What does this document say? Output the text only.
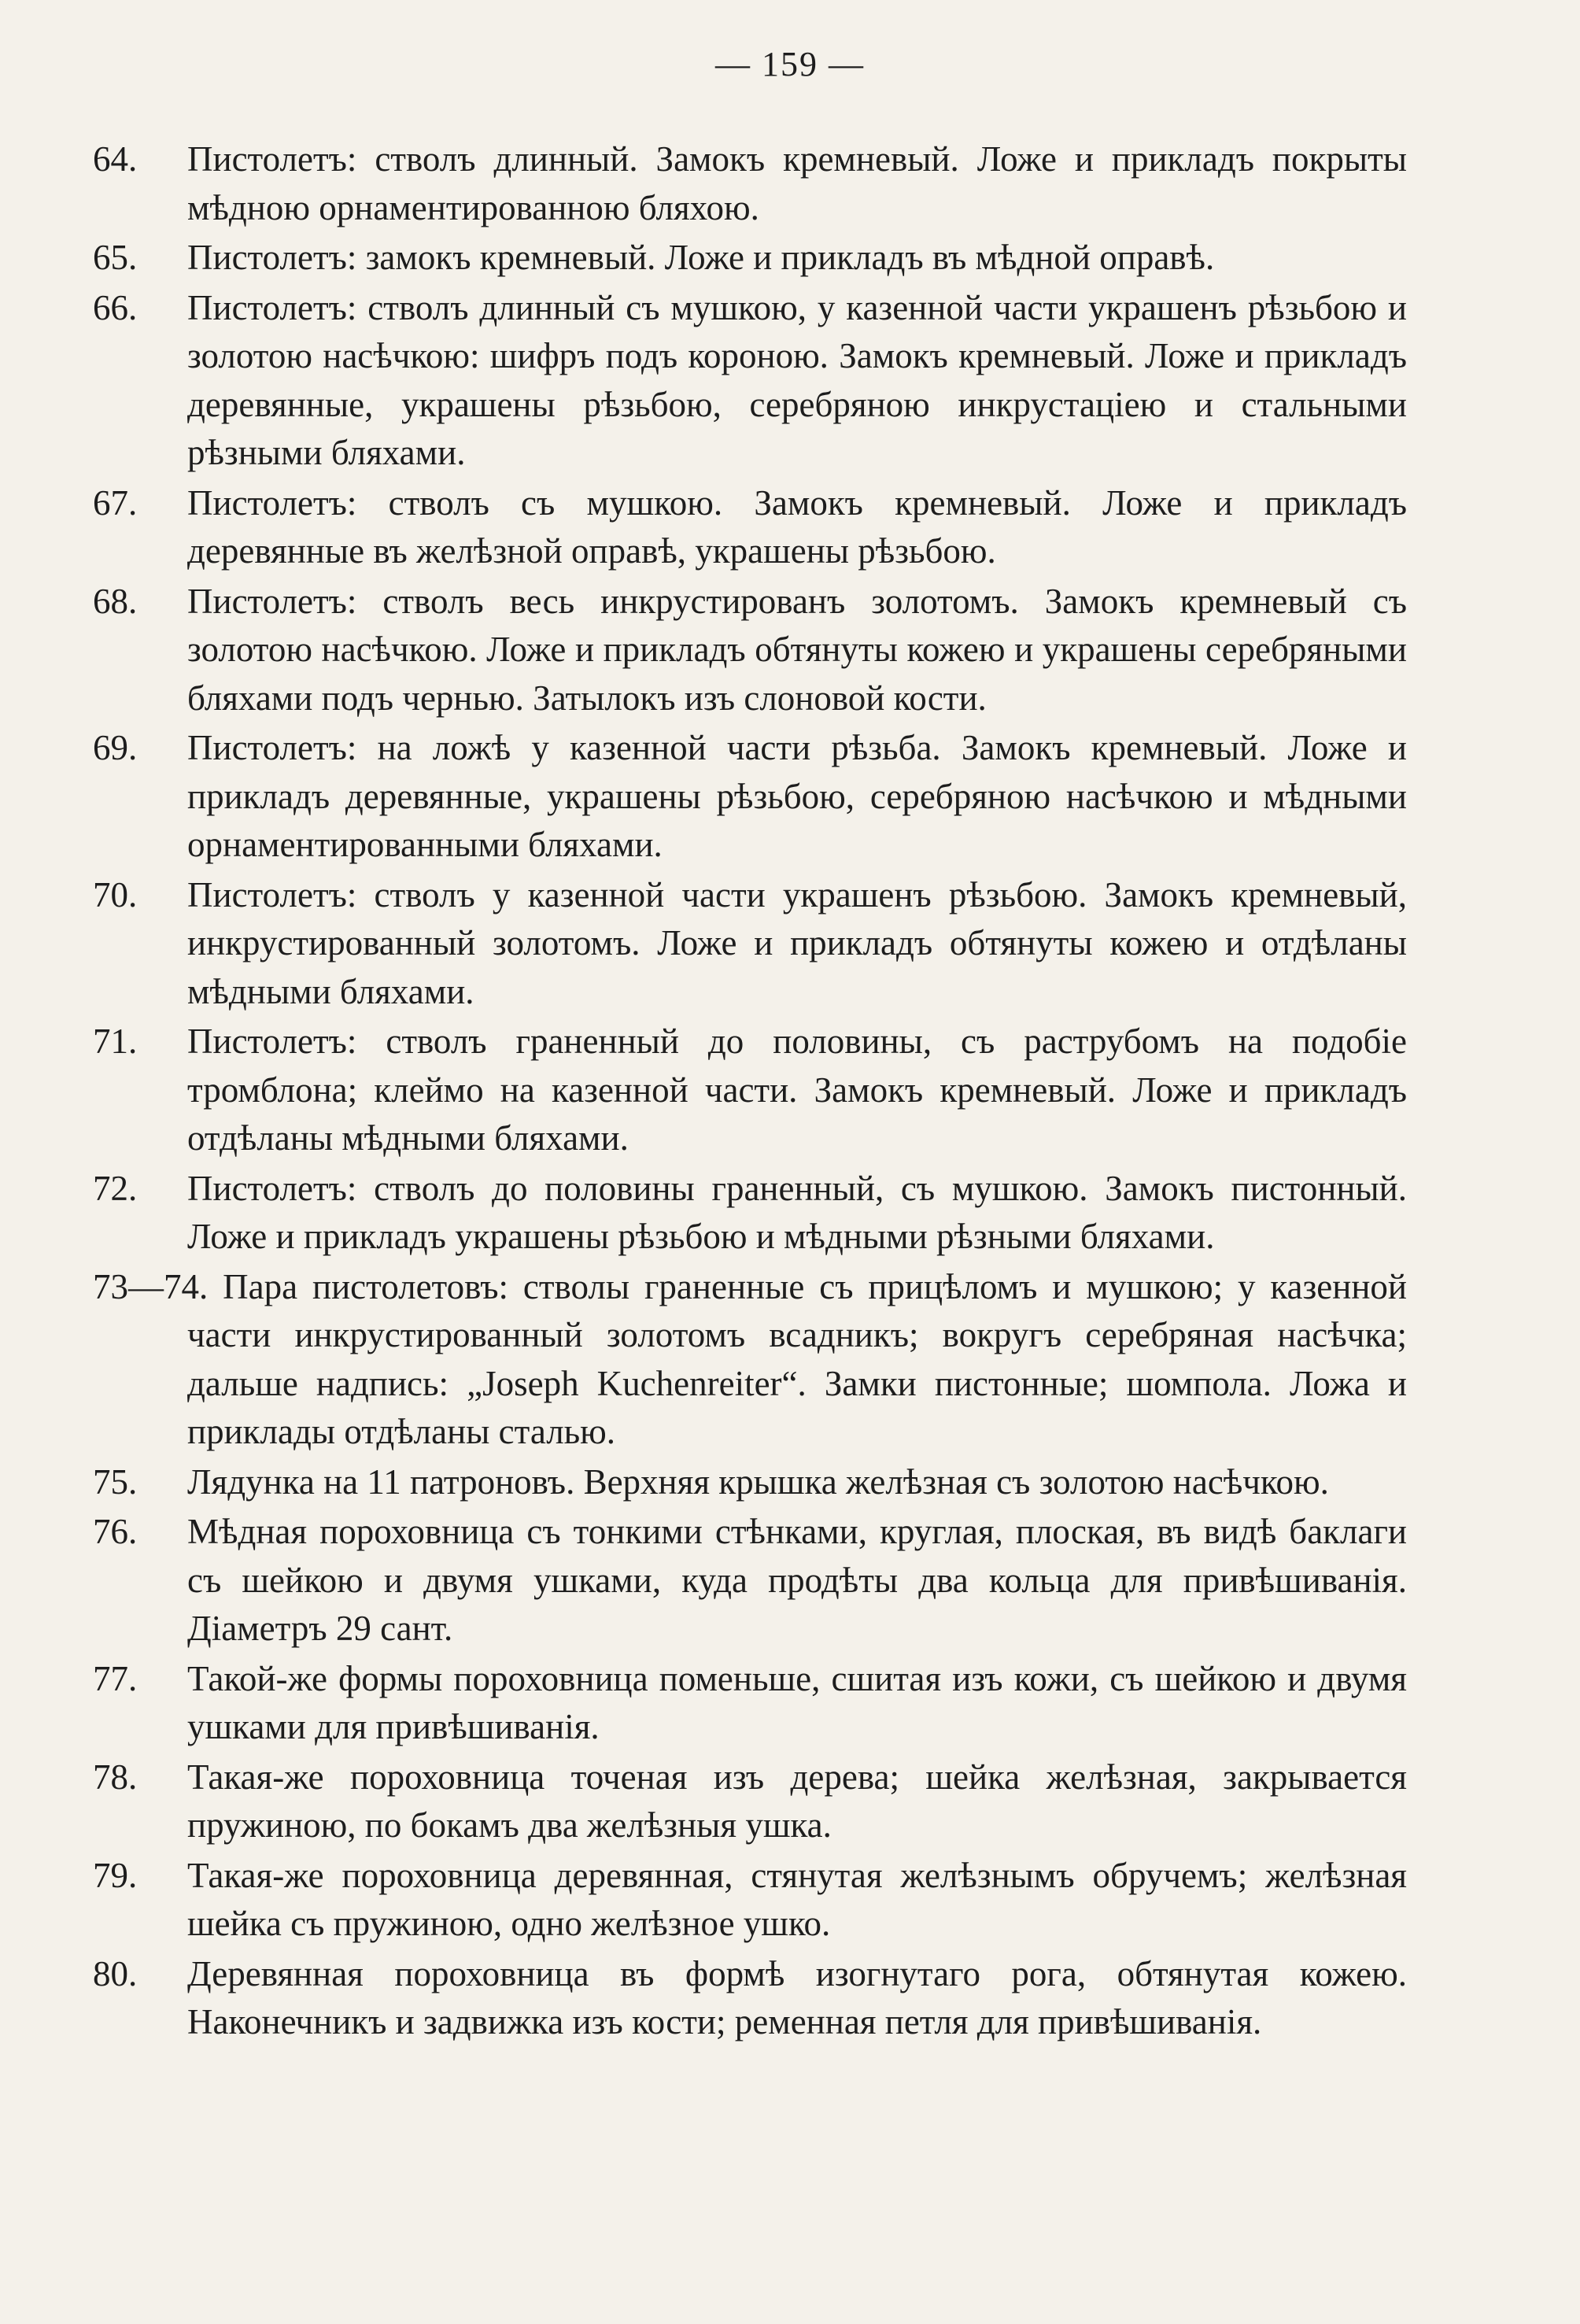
— 159 —
64. Пистолетъ: стволъ длинный. Замокъ кремневый. Ложе и прикладъ покрыты мѣдною орнаментированною бляхою.
65. Пистолетъ: замокъ кремневый. Ложе и прикладъ въ мѣдной оправѣ.
66. Пистолетъ: стволъ длинный съ мушкою, у казенной части украшенъ рѣзьбою и золотою насѣчкою: шифръ подъ короною. Замокъ кремневый. Ложе и прикладъ деревянные, украшены рѣзьбою, серебряною инкрустацiею и стальными рѣзными бляхами.
67. Пистолетъ: стволъ съ мушкою. Замокъ кремневый. Ложе и прикладъ деревянные въ желѣзной оправѣ, украшены рѣзьбою.
68. Пистолетъ: стволъ весь инкрустированъ золотомъ. Замокъ кремневый съ золотою насѣчкою. Ложе и прикладъ обтянуты кожею и украшены серебряными бляхами подъ чернью. Затылокъ изъ слоновой кости.
69. Пистолетъ: на ложѣ у казенной части рѣзьба. Замокъ кремневый. Ложе и прикладъ деревянные, украшены рѣзьбою, серебряною насѣчкою и мѣдными орнаментированными бляхами.
70. Пистолетъ: стволъ у казенной части украшенъ рѣзьбою. Замокъ кремневый, инкрустированный золотомъ. Ложе и прикладъ обтянуты кожею и отдѣланы мѣдными бляхами.
71. Пистолетъ: стволъ граненный до половины, съ раструбомъ на подобiе тромблона; клеймо на казенной части. Замокъ кремневый. Ложе и прикладъ отдѣланы мѣдными бляхами.
72. Пистолетъ: стволъ до половины граненный, съ мушкою. Замокъ пистонный. Ложе и прикладъ украшены рѣзьбою и мѣдными рѣзными бляхами.
73—74. Пара пистолетовъ: стволы граненные съ прицѣломъ и мушкою; у казенной части инкрустированный золотомъ всадникъ; вокругъ серебряная насѣчка; дальше надпись: „Joseph Kuchenreiter“. Замки пистонные; шомпола. Ложа и приклады отдѣланы сталью.
75. Лядунка на 11 патроновъ. Верхняя крышка желѣзная съ золотою насѣчкою.
76. Мѣдная пороховница съ тонкими стѣнками, круглая, плоская, въ видѣ баклаги съ шейкою и двумя ушками, куда продѣты два кольца для привѣшиванiя. Дiаметръ 29 сант.
77. Такой-же формы пороховница поменьше, сшитая изъ кожи, съ шейкою и двумя ушками для привѣшиванiя.
78. Такая-же пороховница точеная изъ дерева; шейка желѣзная, закрывается пружиною, по бокамъ два желѣзныя ушка.
79. Такая-же пороховница деревянная, стянутая желѣзнымъ обручемъ; желѣзная шейка съ пружиною, одно желѣзное ушко.
80. Деревянная пороховница въ формѣ изогнутаго рога, обтянутая кожею. Наконечникъ и задвижка изъ кости; ременная петля для привѣшиванiя.
